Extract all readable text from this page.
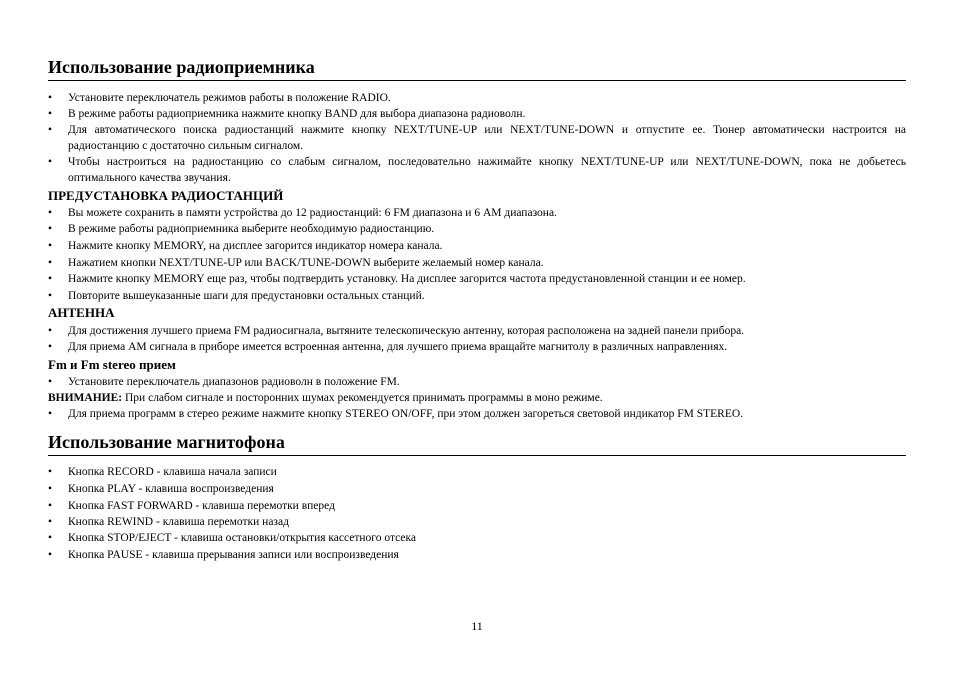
Использование радиоприемника
•	Установите переключатель режимов работы в положение RADIO.
•	В режиме работы радиоприемника нажмите кнопку BAND для выбора диапазона радиоволн.
•	Для автоматического поиска радиостанций нажмите кнопку NEXT/TUNE-UP или NEXT/TUNE-DOWN и отпустите ее. Тюнер автоматически настроится на радиостанцию с достаточно сильным сигналом.
•	Чтобы настроиться на радиостанцию со слабым сигналом, последовательно нажимайте кнопку NEXT/TUNE-UP или NEXT/TUNE-DOWN, пока не добьетесь оптимального качества звучания.
ПРЕДУСТАНОВКА РАДИОСТАНЦИЙ
•	Вы можете сохранить в памяти устройства до 12 радиостанций: 6 FM диапазона и 6 AM диапазона.
•	В режиме работы радиоприемника выберите необходимую радиостанцию.
•	Нажмите кнопку MEMORY, на дисплее загорится индикатор номера канала.
•	Нажатием кнопки NEXT/TUNE-UP или BACK/TUNE-DOWN выберите желаемый номер канала.
•	Нажмите кнопку MEMORY еще раз, чтобы подтвердить установку. На дисплее загорится частота предустановленной станции и ее номер.
•	Повторите вышеуказанные шаги для предустановки остальных станций.
АНТЕННА
•	Для достижения лучшего приема FM радиосигнала, вытяните телескопическую антенну, которая расположена на задней панели прибора.
•	Для приема AM сигнала в приборе имеется встроенная антенна, для лучшего приема вращайте магнитолу в различных направлениях.
Fm и Fm stereo прием
•	Установите переключатель диапазонов радиоволн в положение FM.
ВНИМАНИЕ: При слабом сигнале и посторонних шумах рекомендуется принимать программы в моно режиме.
•	Для приема программ в стерео режиме нажмите кнопку STEREO ON/OFF, при этом должен загореться световой индикатор FM STEREO.
Использование магнитофона
•	Кнопка RECORD - клавиша начала записи
•	Кнопка PLAY - клавиша воспроизведения
•	Кнопка FAST FORWARD - клавиша перемотки вперед
•	Кнопка REWIND - клавиша перемотки назад
•	Кнопка STOP/EJECT - клавиша остановки/открытия кассетного отсека
•	Кнопка PAUSE - клавиша прерывания записи или воспроизведения
11
